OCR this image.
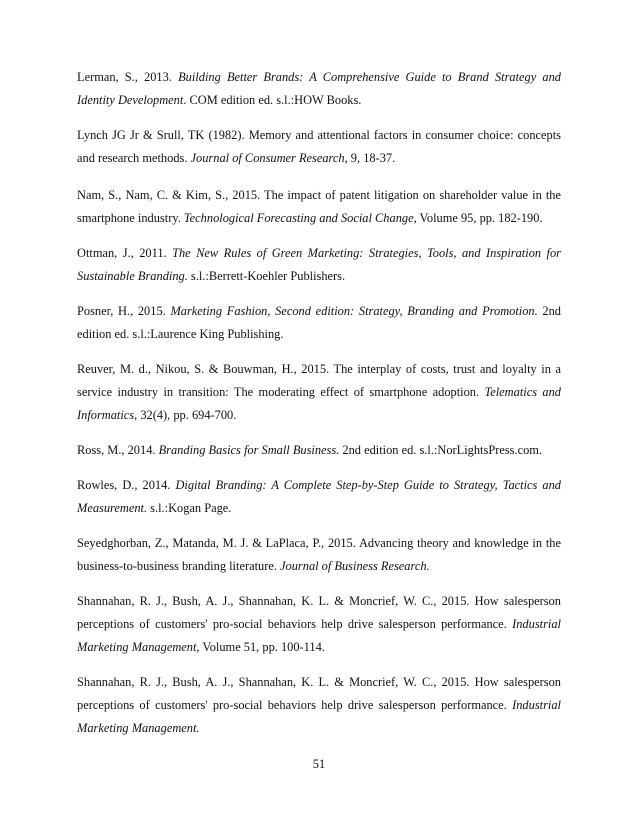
Lerman, S., 2013. Building Better Brands: A Comprehensive Guide to Brand Strategy and Identity Development. COM edition ed. s.l.:HOW Books.

Lynch JG Jr & Srull, TK (1982). Memory and attentional factors in consumer choice: concepts and research methods. Journal of Consumer Research, 9, 18-37.

Nam, S., Nam, C. & Kim, S., 2015. The impact of patent litigation on shareholder value in the smartphone industry. Technological Forecasting and Social Change, Volume 95, pp. 182-190.

Ottman, J., 2011. The New Rules of Green Marketing: Strategies, Tools, and Inspiration for Sustainable Branding. s.l.:Berrett-Koehler Publishers.

Posner, H., 2015. Marketing Fashion, Second edition: Strategy, Branding and Promotion. 2nd edition ed. s.l.:Laurence King Publishing.

Reuver, M. d., Nikou, S. & Bouwman, H., 2015. The interplay of costs, trust and loyalty in a service industry in transition: The moderating effect of smartphone adoption. Telematics and Informatics, 32(4), pp. 694-700.

Ross, M., 2014. Branding Basics for Small Business. 2nd edition ed. s.l.:NorLightsPress.com.

Rowles, D., 2014. Digital Branding: A Complete Step-by-Step Guide to Strategy, Tactics and Measurement. s.l.:Kogan Page.

Seyedghorban, Z., Matanda, M. J. & LaPlaca, P., 2015. Advancing theory and knowledge in the business-to-business branding literature. Journal of Business Research.

Shannahan, R. J., Bush, A. J., Shannahan, K. L. & Moncrief, W. C., 2015. How salesperson perceptions of customers' pro-social behaviors help drive salesperson performance. Industrial Marketing Management, Volume 51, pp. 100-114.

Shannahan, R. J., Bush, A. J., Shannahan, K. L. & Moncrief, W. C., 2015. How salesperson perceptions of customers' pro-social behaviors help drive salesperson performance. Industrial Marketing Management.

51
